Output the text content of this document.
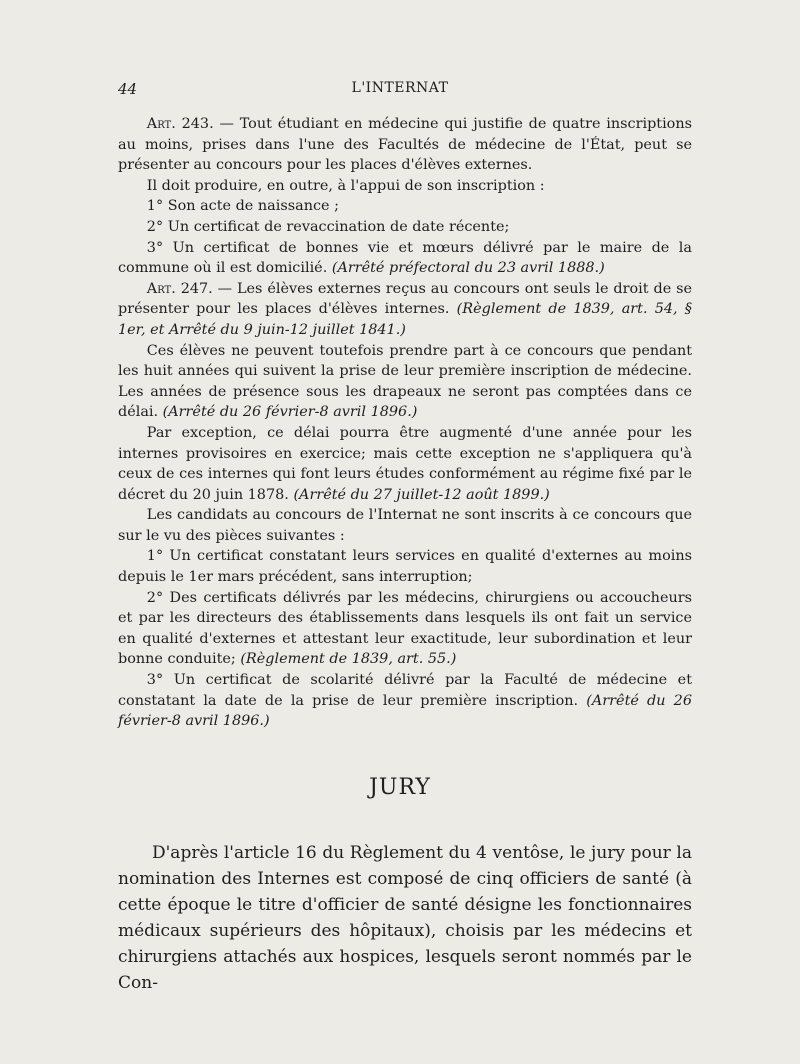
44	L'INTERNAT

Art. 243. — Tout étudiant en médecine qui justifie de quatre inscriptions au moins, prises dans l'une des Facultés de médecine de l'État, peut se présenter au concours pour les places d'élèves externes.

Il doit produire, en outre, à l'appui de son inscription :

1° Son acte de naissance ;

2° Un certificat de revaccination de date récente;

3° Un certificat de bonnes vie et mœurs délivré par le maire de la commune où il est domicilié. (Arrêté préfectoral du 23 avril 1888.)

Art. 247. — Les élèves externes reçus au concours ont seuls le droit de se présenter pour les places d'élèves internes. (Règlement de 1839, art. 54, § 1er, et Arrêté du 9 juin-12 juillet 1841.)

Ces élèves ne peuvent toutefois prendre part à ce concours que pendant les huit années qui suivent la prise de leur première inscription de médecine. Les années de présence sous les drapeaux ne seront pas comptées dans ce délai. (Arrêté du 26 février-8 avril 1896.)

Par exception, ce délai pourra être augmenté d'une année pour les internes provisoires en exercice; mais cette exception ne s'appliquera qu'à ceux de ces internes qui font leurs études conformément au régime fixé par le décret du 20 juin 1878. (Arrêté du 27 juillet-12 août 1899.)

Les candidats au concours de l'Internat ne sont inscrits à ce concours que sur le vu des pièces suivantes :

1° Un certificat constatant leurs services en qualité d'externes au moins depuis le 1er mars précédent, sans interruption;

2° Des certificats délivrés par les médecins, chirurgiens ou accoucheurs et par les directeurs des établissements dans lesquels ils ont fait un service en qualité d'externes et attestant leur exactitude, leur subordination et leur bonne conduite; (Règlement de 1839, art. 55.)

3° Un certificat de scolarité délivré par la Faculté de médecine et constatant la date de la prise de leur première inscription. (Arrêté du 26 février-8 avril 1896.)

JURY

D'après l'article 16 du Règlement du 4 ventôse, le jury pour la nomination des Internes est composé de cinq officiers de santé (à cette époque le titre d'officier de santé désigne les fonctionnaires médicaux supérieurs des hôpitaux), choisis par les médecins et chirurgiens attachés aux hospices, lesquels seront nommés par le Con-
